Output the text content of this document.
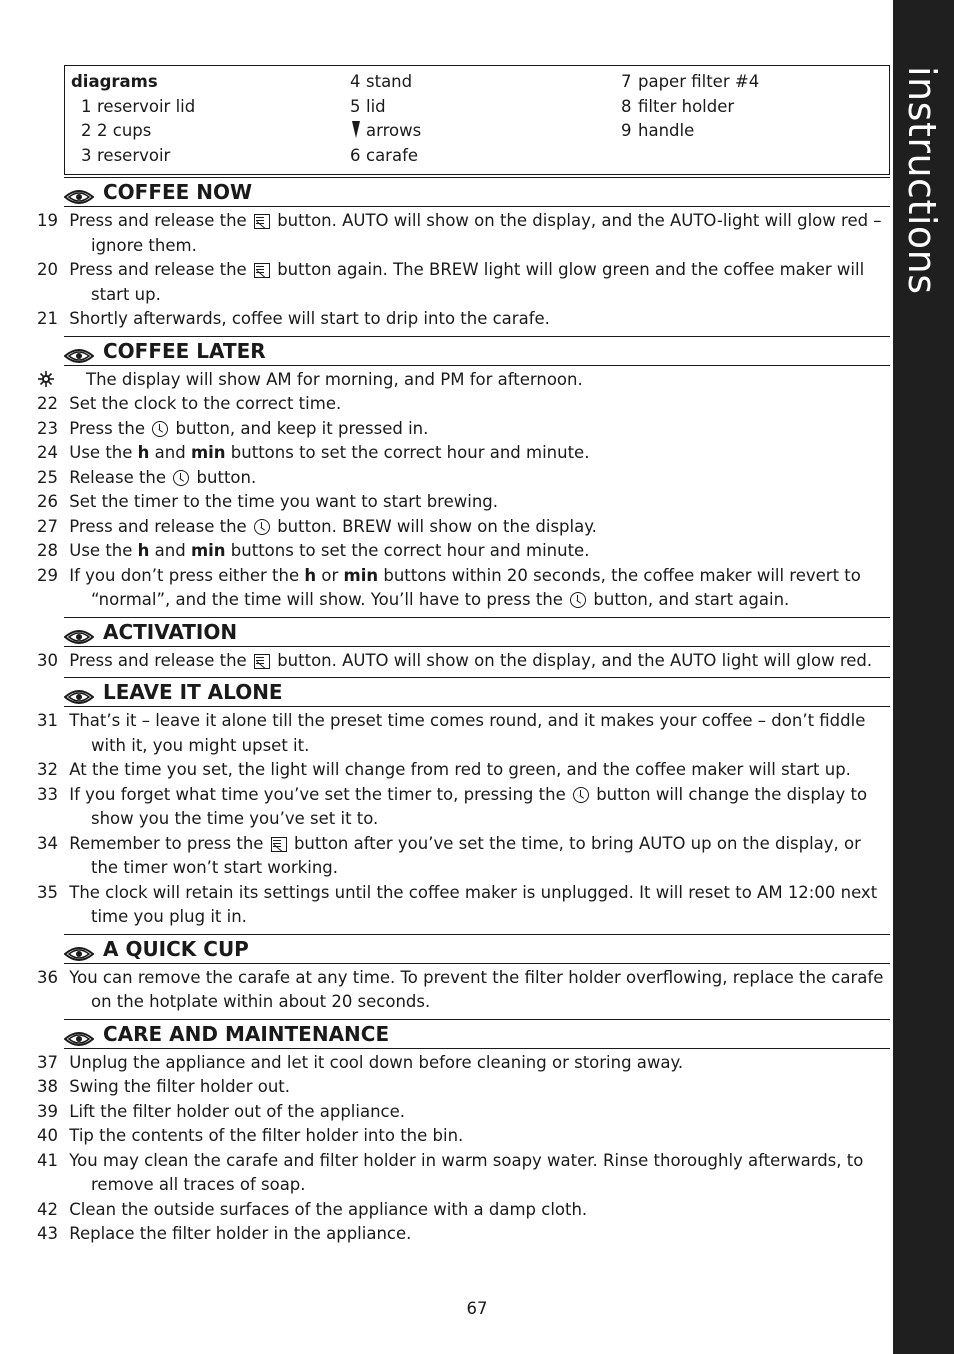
instructions
diagrams
1 reservoir lid
2 2 cups
3 reservoir
4 stand
5 lid
arrows
6 carafe
7 paper filter #4
8 filter holder
9 handle
COFFEE NOW
19 Press and release the  button. AUTO will show on the display, and the AUTO-light will glow red – ignore them.
20 Press and release the  button again. The BREW light will glow green and the coffee maker will start up.
21 Shortly afterwards, coffee will start to drip into the carafe.
COFFEE LATER
The display will show AM for morning, and PM for afternoon.
22 Set the clock to the correct time.
23 Press the  button, and keep it pressed in.
24 Use the h and min buttons to set the correct hour and minute.
25 Release the  button.
26 Set the timer to the time you want to start brewing.
27 Press and release the  button. BREW will show on the display.
28 Use the h and min buttons to set the correct hour and minute.
29 If you don’t press either the h or min buttons within 20 seconds, the coffee maker will revert to “normal”, and the time will show. You’ll have to press the  button, and start again.
ACTIVATION
30 Press and release the  button. AUTO will show on the display, and the AUTO light will glow red.
LEAVE IT ALONE
31 That’s it – leave it alone till the preset time comes round, and it makes your coffee – don’t fiddle with it, you might upset it.
32 At the time you set, the light will change from red to green, and the coffee maker will start up.
33 If you forget what time you’ve set the timer to, pressing the  button will change the display to show you the time you’ve set it to.
34 Remember to press the  button after you’ve set the time, to bring AUTO up on the display, or the timer won’t start working.
35 The clock will retain its settings until the coffee maker is unplugged. It will reset to AM 12:00 next time you plug it in.
A QUICK CUP
36 You can remove the carafe at any time. To prevent the filter holder overflowing, replace the carafe on the hotplate within about 20 seconds.
CARE AND MAINTENANCE
37 Unplug the appliance and let it cool down before cleaning or storing away.
38 Swing the filter holder out.
39 Lift the filter holder out of the appliance.
40 Tip the contents of the filter holder into the bin.
41 You may clean the carafe and filter holder in warm soapy water. Rinse thoroughly afterwards, to remove all traces of soap.
42 Clean the outside surfaces of the appliance with a damp cloth.
43 Replace the filter holder in the appliance.
67
